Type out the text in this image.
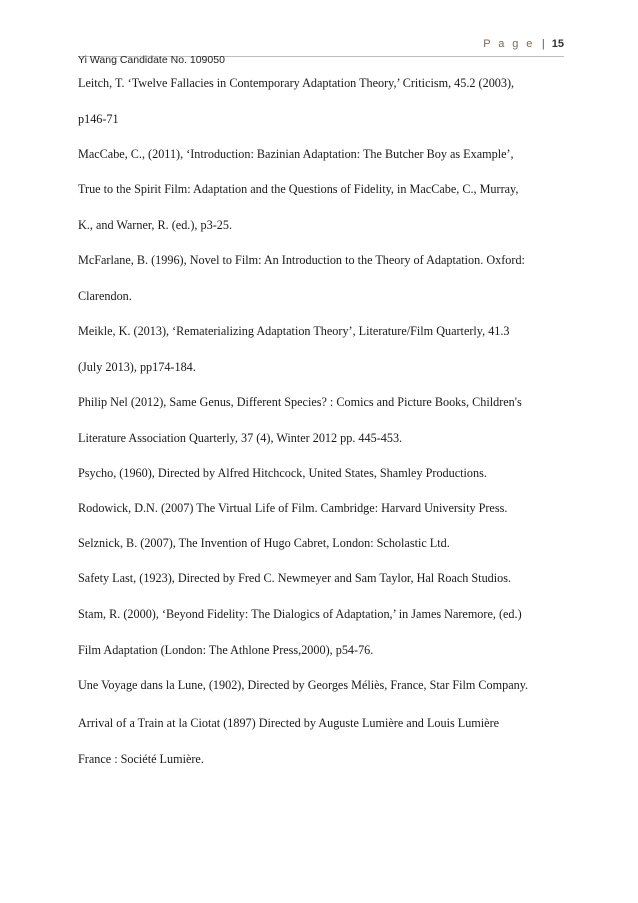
P a g e | 15
Yi Wang Candidate No. 109050
Leitch, T. ‘Twelve Fallacies in Contemporary Adaptation Theory,’ Criticism, 45.2 (2003),
p146-71
MacCabe, C., (2011), ‘Introduction: Bazinian Adaptation: The Butcher Boy as Example’,
True to the Spirit Film: Adaptation and the Questions of Fidelity, in MacCabe, C., Murray,
K., and Warner, R. (ed.), p3-25.
McFarlane, B. (1996), Novel to Film: An Introduction to the Theory of Adaptation. Oxford:
Clarendon.
Meikle, K. (2013), ‘Rematerializing Adaptation Theory’, Literature/Film Quarterly, 41.3
(July 2013), pp174-184.
Philip Nel (2012), Same Genus, Different Species? : Comics and Picture Books, Children's
Literature Association Quarterly, 37 (4), Winter 2012 pp. 445-453.
Psycho, (1960), Directed by Alfred Hitchcock, United States, Shamley Productions.
Rodowick, D.N. (2007) The Virtual Life of Film. Cambridge: Harvard University Press.
Selznick, B. (2007), The Invention of Hugo Cabret, London: Scholastic Ltd.
Safety Last, (1923), Directed by Fred C. Newmeyer and Sam Taylor, Hal Roach Studios.
Stam, R. (2000), ‘Beyond Fidelity: The Dialogics of Adaptation,’ in James Naremore, (ed.)
Film Adaptation (London: The Athlone Press,2000), p54-76.
Une Voyage dans la Lune, (1902), Directed by Georges Méliès, France, Star Film Company.
Arrival of a Train at la Ciotat (1897) Directed by Auguste Lumière and Louis Lumière
France : Société Lumière.
